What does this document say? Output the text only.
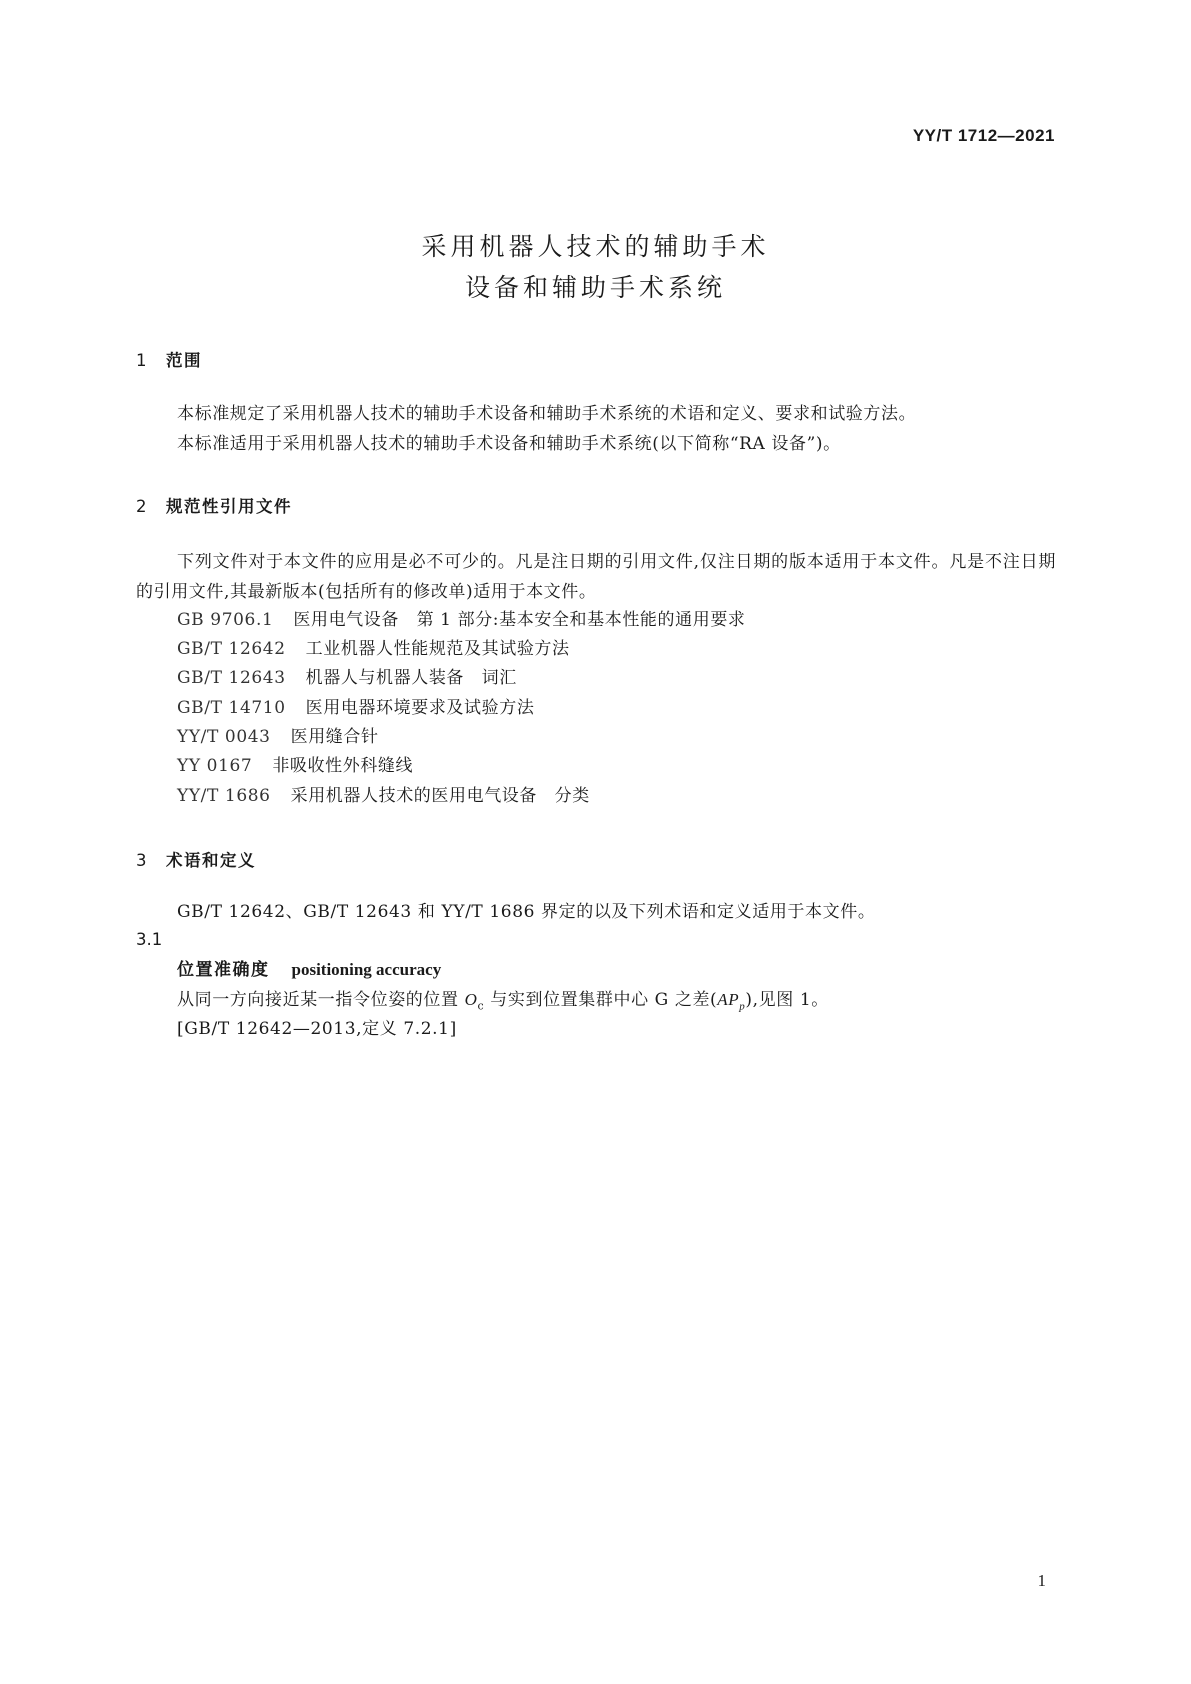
YY/T 1712—2021
采用机器人技术的辅助手术
设备和辅助手术系统
1 范围
本标准规定了采用机器人技术的辅助手术设备和辅助手术系统的术语和定义、要求和试验方法。
本标准适用于采用机器人技术的辅助手术设备和辅助手术系统(以下简称“RA 设备”)。
2 规范性引用文件
下列文件对于本文件的应用是必不可少的。凡是注日期的引用文件,仅注日期的版本适用于本文件。凡是不注日期的引用文件,其最新版本(包括所有的修改单)适用于本文件。
GB 9706.1 医用电气设备　第 1 部分:基本安全和基本性能的通用要求
GB/T 12642 工业机器人性能规范及其试验方法
GB/T 12643 机器人与机器人装备　词汇
GB/T 14710 医用电器环境要求及试验方法
YY/T 0043 医用缝合针
YY 0167 非吸收性外科缝线
YY/T 1686 采用机器人技术的医用电气设备　分类
3 术语和定义
GB/T 12642、GB/T 12643 和 YY/T 1686 界定的以及下列术语和定义适用于本文件。
3.1
位置准确度 positioning accuracy
从同一方向接近某一指令位姿的位置 $O_c$ 与实到位置集群中心 G 之差$(AP_p)$,见图 1。
[GB/T 12642—2013,定义 7.2.1]
1
